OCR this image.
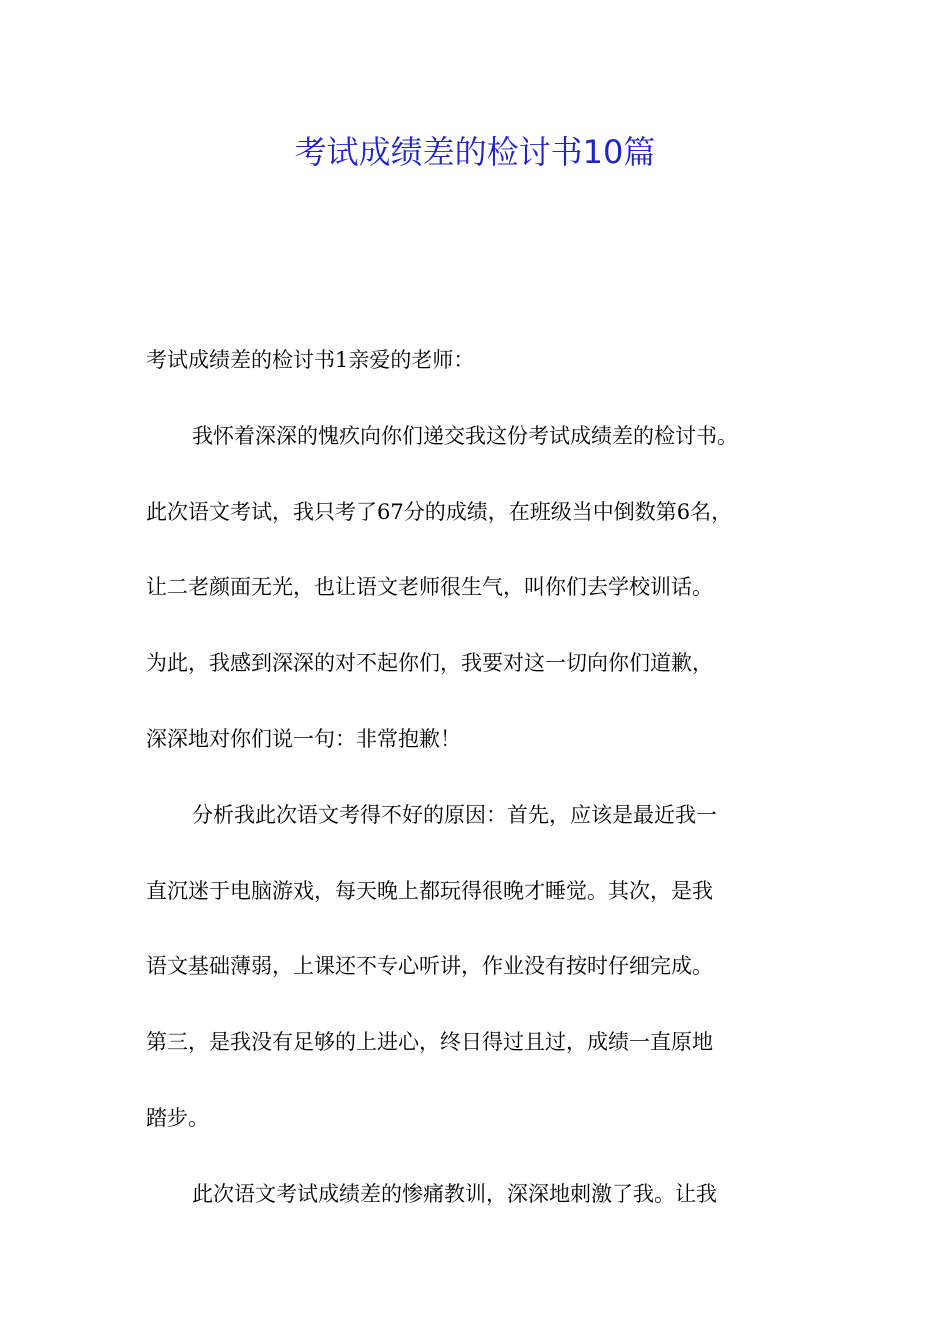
考试成绩差的检讨书10篇
考试成绩差的检讨书1亲爱的老师：
我怀着深深的愧疚向你们递交我这份考试成绩差的检讨书。
此次语文考试，我只考了67分的成绩，在班级当中倒数第6名，
让二老颜面无光，也让语文老师很生气，叫你们去学校训话。
为此，我感到深深的对不起你们，我要对这一切向你们道歉，
深深地对你们说一句：非常抱歉！
分析我此次语文考得不好的原因：首先，应该是最近我一
直沉迷于电脑游戏，每天晚上都玩得很晚才睡觉。其次，是我
语文基础薄弱，上课还不专心听讲，作业没有按时仔细完成。
第三，是我没有足够的上进心，终日得过且过，成绩一直原地
踏步。
此次语文考试成绩差的惨痛教训，深深地刺激了我。让我
